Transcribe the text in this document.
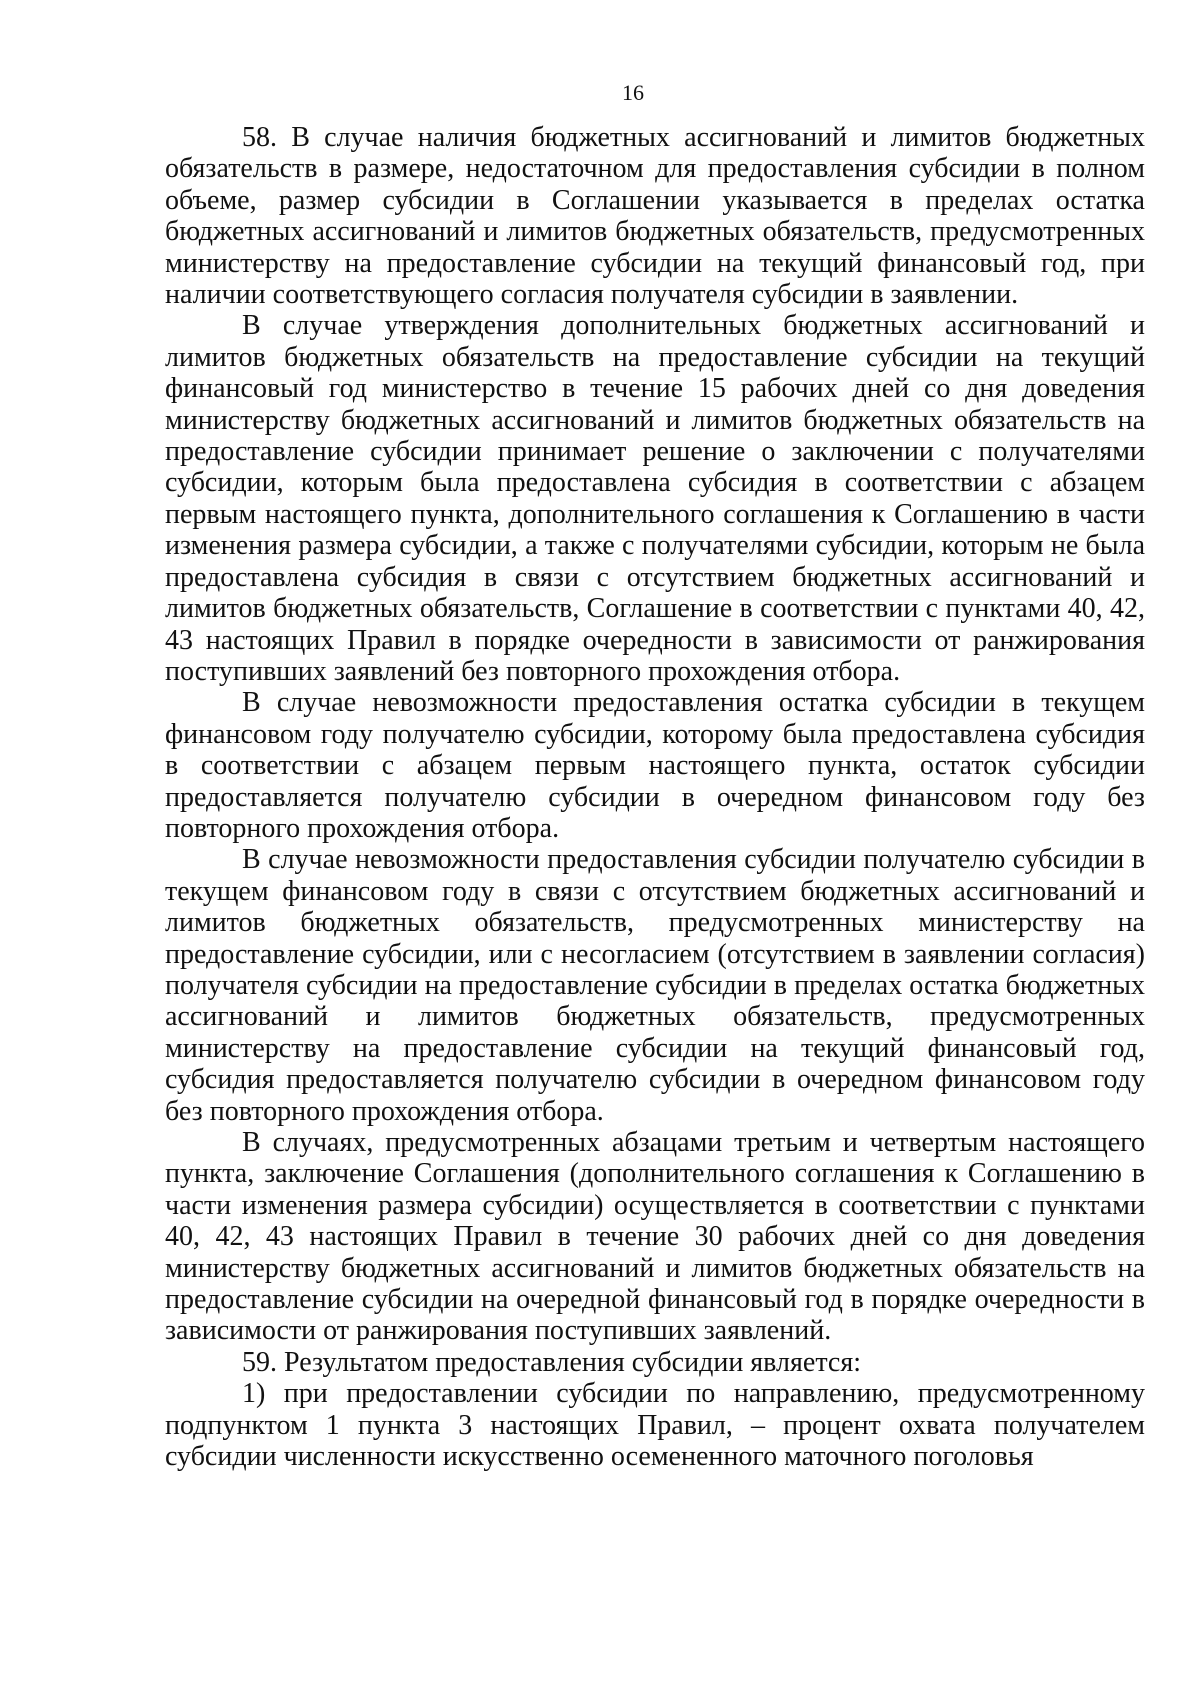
16

58. В случае наличия бюджетных ассигнований и лимитов бюджетных обязательств в размере, недостаточном для предоставления субсидии в полном объеме, размер субсидии в Соглашении указывается в пределах остатка бюджетных ассигнований и лимитов бюджетных обязательств, предусмотренных министерству на предоставление субсидии на текущий финансовый год, при наличии соответствующего согласия получателя субсидии в заявлении.

В случае утверждения дополнительных бюджетных ассигнований и лимитов бюджетных обязательств на предоставление субсидии на текущий финансовый год министерство в течение 15 рабочих дней со дня доведения министерству бюджетных ассигнований и лимитов бюджетных обязательств на предоставление субсидии принимает решение о заключении с получателями субсидии, которым была предоставлена субсидия в соответствии с абзацем первым настоящего пункта, дополнительного соглашения к Соглашению в части изменения размера субсидии, а также с получателями субсидии, которым не была предоставлена субсидия в связи с отсутствием бюджетных ассигнований и лимитов бюджетных обязательств, Соглашение в соответствии с пунктами 40, 42, 43 настоящих Правил в порядке очередности в зависимости от ранжирования поступивших заявлений без повторного прохождения отбора.

В случае невозможности предоставления остатка субсидии в текущем финансовом году получателю субсидии, которому была предоставлена субсидия в соответствии с абзацем первым настоящего пункта, остаток субсидии предоставляется получателю субсидии в очередном финансовом году без повторного прохождения отбора.

В случае невозможности предоставления субсидии получателю субсидии в текущем финансовом году в связи с отсутствием бюджетных ассигнований и лимитов бюджетных обязательств, предусмотренных министерству на предоставление субсидии, или с несогласием (отсутствием в заявлении согласия) получателя субсидии на предоставление субсидии в пределах остатка бюджетных ассигнований и лимитов бюджетных обязательств, предусмотренных министерству на предоставление субсидии на текущий финансовый год, субсидия предоставляется получателю субсидии в очередном финансовом году без повторного прохождения отбора.

В случаях, предусмотренных абзацами третьим и четвертым настоящего пункта, заключение Соглашения (дополнительного соглашения к Соглашению в части изменения размера субсидии) осуществляется в соответствии с пунктами 40, 42, 43 настоящих Правил в течение 30 рабочих дней со дня доведения министерству бюджетных ассигнований и лимитов бюджетных обязательств на предоставление субсидии на очередной финансовый год в порядке очередности в зависимости от ранжирования поступивших заявлений.

59. Результатом предоставления субсидии является:

1) при предоставлении субсидии по направлению, предусмотренному подпунктом 1 пункта 3 настоящих Правил, – процент охвата получателем субсидии численности искусственно осемененного маточного поголовья
